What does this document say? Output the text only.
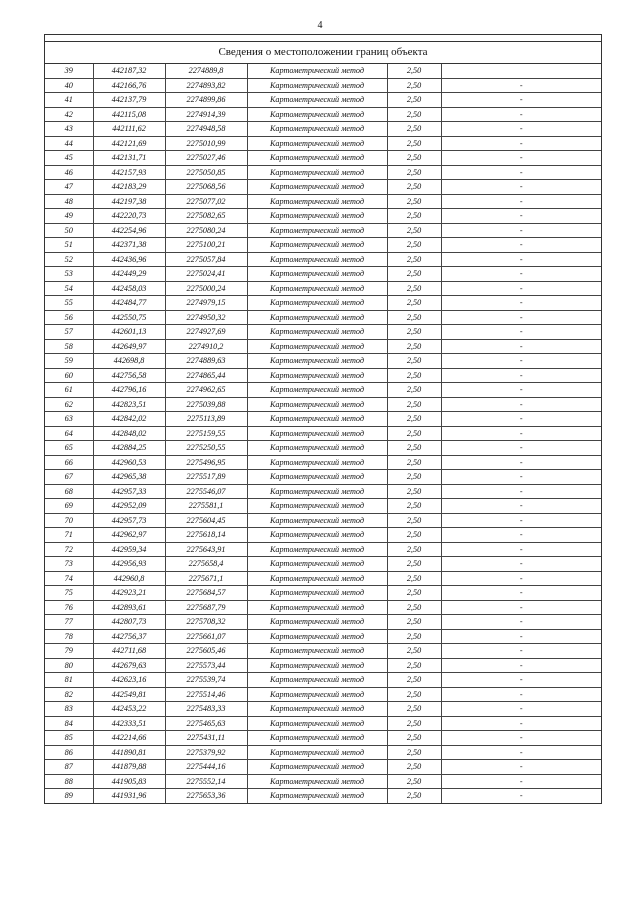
4
Сведения о местоположении границ объекта
39	442187,32	2274889,8	Картометрический метод	2,50	
40	442166,76	2274893,82	Картометрический метод	2,50	-
41	442137,79	2274899,86	Картометрический метод	2,50	-
42	442115,08	2274914,39	Картометрический метод	2,50	-
43	442111,62	2274948,58	Картометрический метод	2,50	-
44	442121,69	2275010,99	Картометрический метод	2,50	-
45	442131,71	2275027,46	Картометрический метод	2,50	-
46	442157,93	2275050,85	Картометрический метод	2,50	-
47	442183,29	2275068,56	Картометрический метод	2,50	-
48	442197,38	2275077,02	Картометрический метод	2,50	-
49	442220,73	2275082,65	Картометрический метод	2,50	-
50	442254,96	2275080,24	Картометрический метод	2,50	-
51	442371,38	2275100,21	Картометрический метод	2,50	-
52	442436,96	2275057,84	Картометрический метод	2,50	-
53	442449,29	2275024,41	Картометрический метод	2,50	-
54	442458,03	2275000,24	Картометрический метод	2,50	-
55	442484,77	2274979,15	Картометрический метод	2,50	-
56	442550,75	2274950,32	Картометрический метод	2,50	-
57	442601,13	2274927,69	Картометрический метод	2,50	-
58	442649,97	2274910,2	Картометрический метод	2,50	-
59	442698,8	2274889,63	Картометрический метод	2,50	-
60	442756,58	2274865,44	Картометрический метод	2,50	-
61	442796,16	2274962,65	Картометрический метод	2,50	-
62	442823,51	2275039,88	Картометрический метод	2,50	-
63	442842,02	2275113,89	Картометрический метод	2,50	-
64	442848,02	2275159,55	Картометрический метод	2,50	-
65	442884,25	2275250,55	Картометрический метод	2,50	-
66	442960,53	2275496,95	Картометрический метод	2,50	-
67	442965,38	2275517,89	Картометрический метод	2,50	-
68	442957,33	2275546,07	Картометрический метод	2,50	-
69	442952,09	2275581,1	Картометрический метод	2,50	-
70	442957,73	2275604,45	Картометрический метод	2,50	-
71	442962,97	2275618,14	Картометрический метод	2,50	-
72	442959,34	2275643,91	Картометрический метод	2,50	-
73	442956,93	2275658,4	Картометрический метод	2,50	-
74	442960,8	2275671,1	Картометрический метод	2,50	-
75	442923,21	2275684,57	Картометрический метод	2,50	-
76	442893,61	2275687,79	Картометрический метод	2,50	-
77	442807,73	2275708,32	Картометрический метод	2,50	-
78	442756,37	2275661,07	Картометрический метод	2,50	-
79	442711,68	2275605,46	Картометрический метод	2,50	-
80	442679,63	2275573,44	Картометрический метод	2,50	-
81	442623,16	2275539,74	Картометрический метод	2,50	-
82	442549,81	2275514,46	Картометрический метод	2,50	-
83	442453,22	2275483,33	Картометрический метод	2,50	-
84	442333,51	2275465,63	Картометрический метод	2,50	-
85	442214,66	2275431,11	Картометрический метод	2,50	-
86	441890,81	2275379,92	Картометрический метод	2,50	-
87	441879,88	2275444,16	Картометрический метод	2,50	-
88	441905,83	2275552,14	Картометрический метод	2,50	-
89	441931,96	2275653,36	Картометрический метод	2,50	-
